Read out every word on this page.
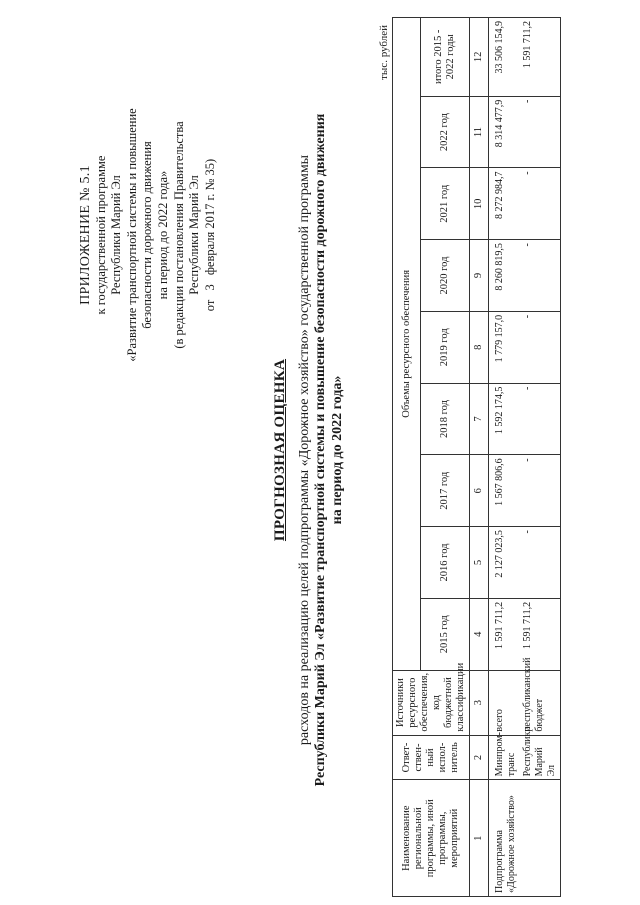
ПРИЛОЖЕНИЕ № 5.1 к государственной программе Республики Марий Эл «Развитие транспортной системы и повышение безопасности дорожного движения на период до 2022 года» (в редакции постановления Правительства Республики Марий Эл
от 3 февраля 2017 г. № 35)
ПРОГНОЗНАЯ ОЦЕНКА расходов на реализацию целей подпрограммы «Дорожное хозяйство» государственной программы Республики Марий Эл «Развитие транспортной системы и повышение безопасности дорожного движения на период до 2022 года»
тыс. рублей
Наименование региональной программы, иной программы, мероприятий	Ответ-ствен-ный испол-нитель	Источники ресурсного обеспечения, код бюджетной классификации	Объемы ресурсного обеспечения								
			2015 год	2016 год	2017 год	2018 год	2019 год	2020 год	2021 год	2022 год	итого 2015 - 2022 годы
1	2	3	4	5	6	7	8	9	10	11	12
Подпрограмма «Дорожное хозяйство»	Минпром-транс	всего	1 591 711,2	2 127 023,5	1 567 806,6	1 592 174,5	1 779 157,0	8 260 819,5	8 272 984,7	8 314 477,9	33 506 154,9
	Республики Марий Эл	республиканский бюджет	1 591 711,2	-	-	-	-	-	-	-	1 591 711,2
